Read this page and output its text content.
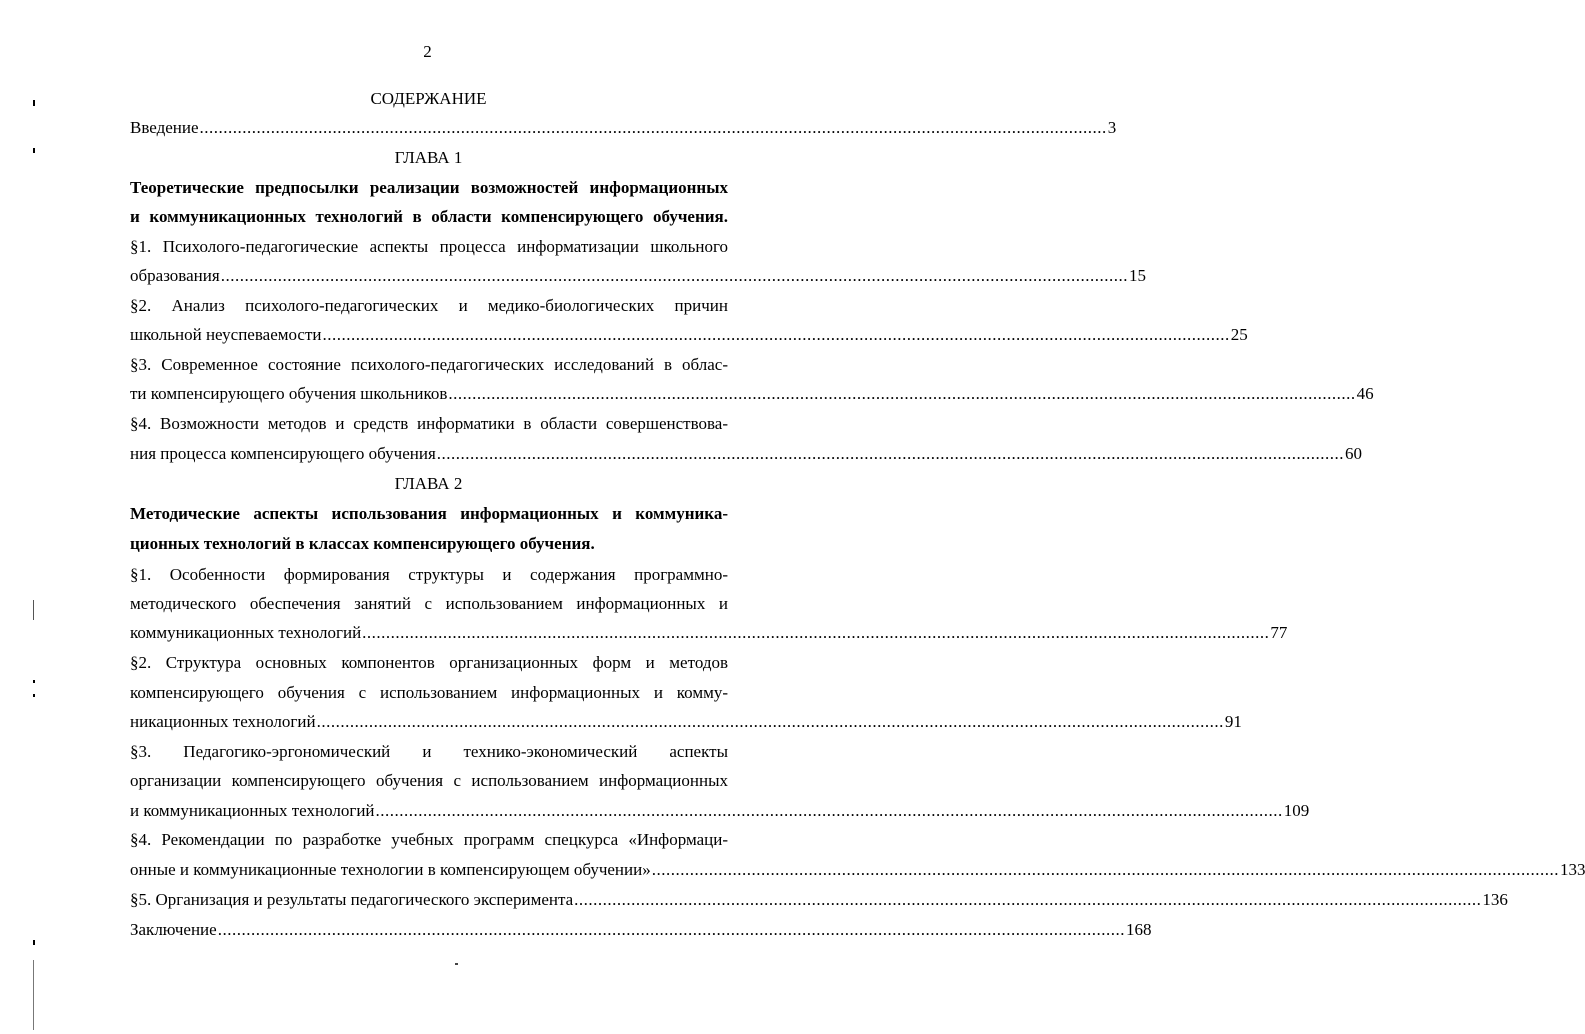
2
СОДЕРЖАНИЕ
Введение ............................................................................................................................................................................................... 3
ГЛАВА 1
Теоретические предпосылки реализации возможностей информационных
и коммуникационных технологий в области компенсирующего обучения.
§1. Психолого-педагогические аспекты процесса информатизации школьного
образования ............................................................................................................................................................................................... 15
§2. Анализ психолого-педагогических и медико-биологических причин
школьной неуспеваемости ............................................................................................................................................................................................... 25
§3. Современное состояние психолого-педагогических исследований в облас-
ти компенсирующего обучения школьников ............................................................................................................................................................................................... 46
§4. Возможности методов и средств информатики в области совершенствова-
ния процесса компенсирующего обучения ............................................................................................................................................................................................... 60
ГЛАВА 2
Методические аспекты использования информационных и коммуника-
ционных технологий в классах компенсирующего обучения.
§1. Особенности формирования структуры и содержания программно-
методического обеспечения занятий с использованием информационных и
коммуникационных технологий ............................................................................................................................................................................................... 77
§2. Структура основных компонентов организационных форм и методов
компенсирующего обучения с использованием информационных и комму-
никационных технологий ............................................................................................................................................................................................... 91
§3. Педагогико-эргономический и технико-экономический аспекты
организации компенсирующего обучения с использованием информационных
и коммуникационных технологий ............................................................................................................................................................................................... 109
§4. Рекомендации по разработке учебных программ спецкурса «Информаци-
онные и коммуникационные технологии в компенсирующем обучении» ............................................................................................................................................................................................... 133
§5. Организация и результаты педагогического эксперимента ............................................................................................................................................................................................... 136
Заключение ............................................................................................................................................................................................... 168
